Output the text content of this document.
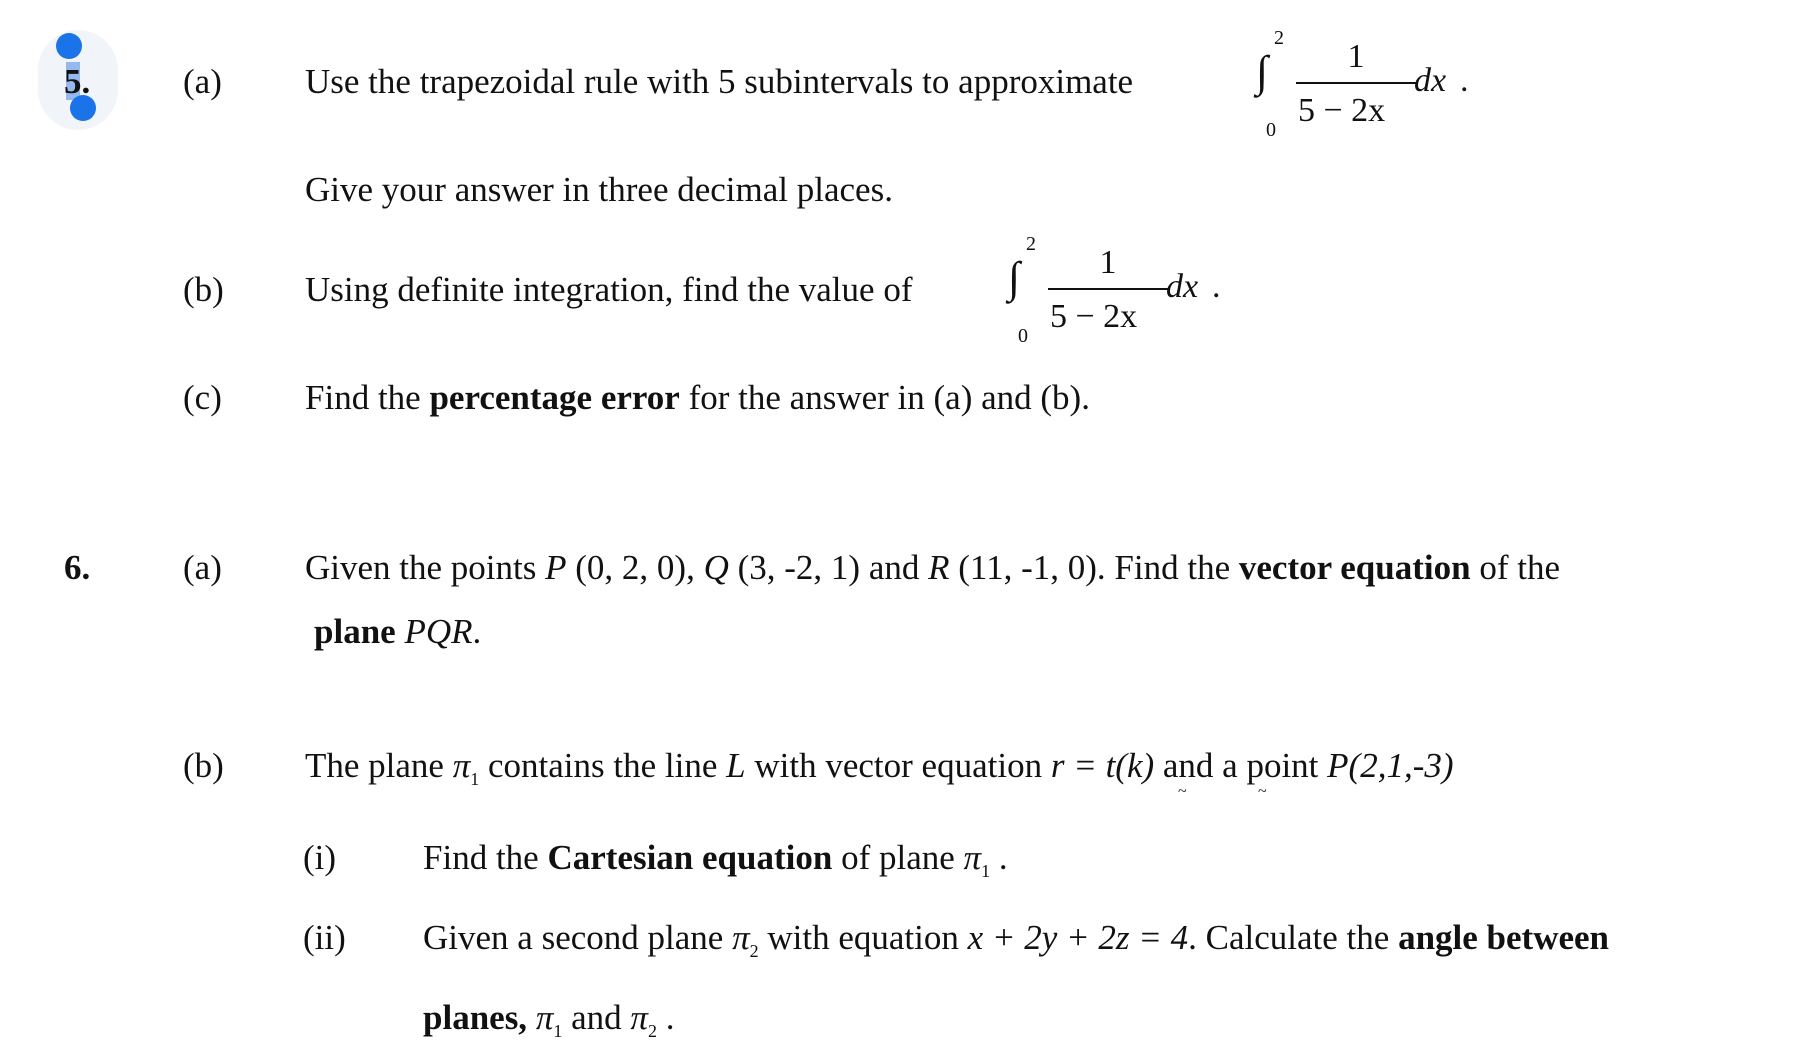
5.	(a) Use the trapezoidal rule with 5 subintervals to approximate	∫
2
0
1
5 − 2x
dx .
Give your answer in three decimal places.
(b) Using definite integration, find the value of ∫
2
0
1
5 − 2x
dx .
(c) Find the percentage error for the answer in (a) and (b).
6.	(a) Given the points P (0, 2, 0), Q (3, -2, 1) and R (11, -1, 0). Find the vector equation of the
plane PQR.
(b) The plane $\pi_1$ contains the line L with vector equation r = t(k) and a point P(2,1,-3)
~	~
(i) Find the Cartesian equation of plane $\pi_1$ .
(ii) Given a second plane $\pi_2$ with equation x + 2y + 2z = 4. Calculate the angle between
planes, $\pi_1$ and $\pi_2$ .
